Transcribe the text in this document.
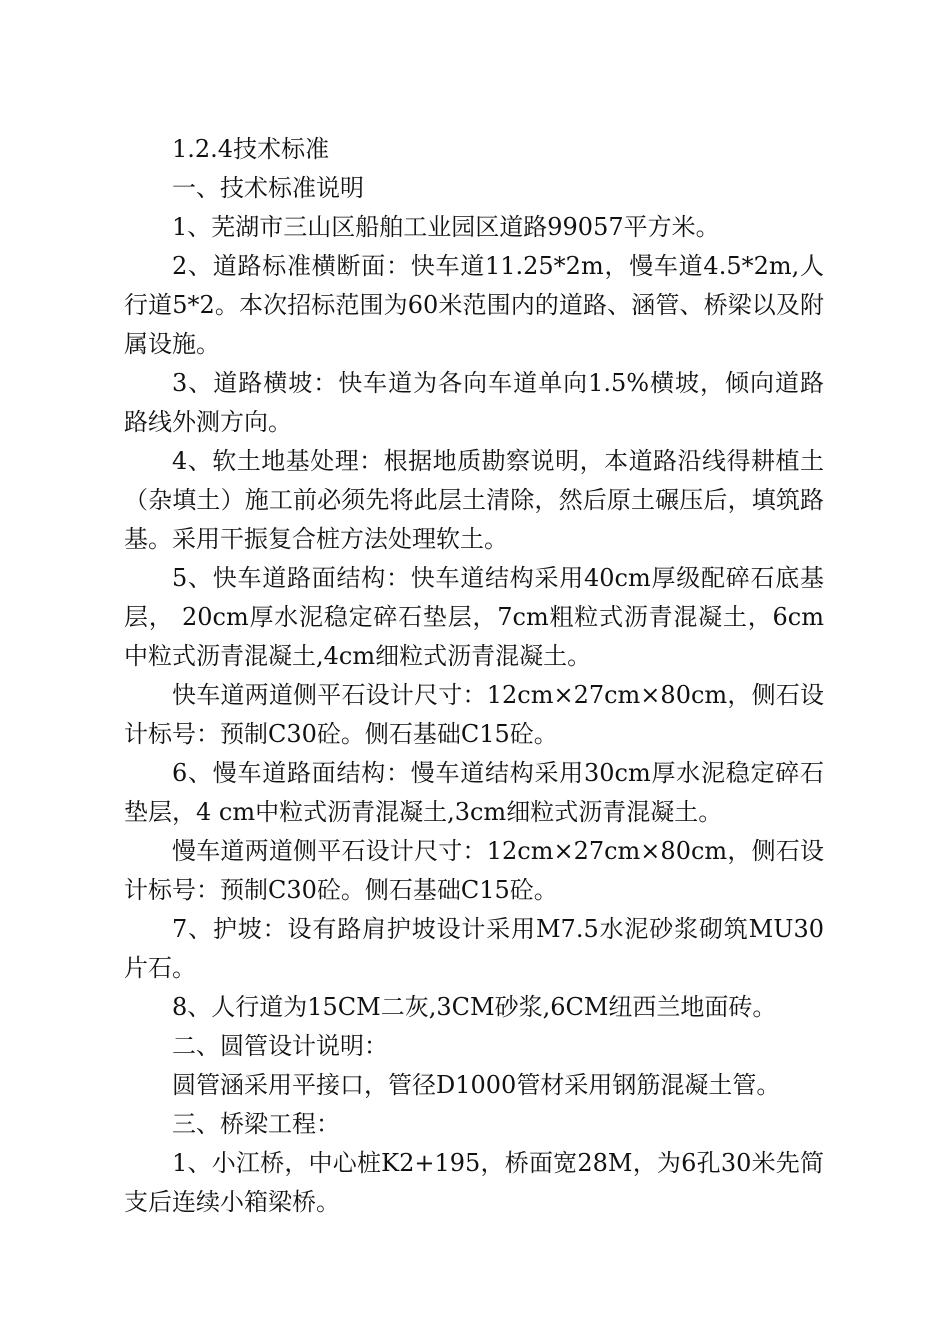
1.2.4技术标准

一、技术标准说明

1、芜湖市三山区船舶工业园区道路99057平方米。

2、道路标准横断面：快车道11.25*2m，慢车道4.5*2m,人行道5*2。本次招标范围为60米范围内的道路、涵管、桥梁以及附属设施。

3、道路横坡：快车道为各向车道单向1.5%横坡，倾向道路路线外测方向。

4、软土地基处理：根据地质勘察说明，本道路沿线得耕植土（杂填土）施工前必须先将此层土清除，然后原土碾压后，填筑路基。采用干振复合桩方法处理软土。

5、快车道路面结构：快车道结构采用40cm厚级配碎石底基层， 20cm厚水泥稳定碎石垫层，7cm粗粒式沥青混凝土，6cm中粒式沥青混凝土,4cm细粒式沥青混凝土。

快车道两道侧平石设计尺寸：12cm×27cm×80cm，侧石设计标号：预制C30砼。侧石基础C15砼。

6、慢车道路面结构：慢车道结构采用30cm厚水泥稳定碎石垫层，4 cm中粒式沥青混凝土,3cm细粒式沥青混凝土。

慢车道两道侧平石设计尺寸：12cm×27cm×80cm，侧石设计标号：预制C30砼。侧石基础C15砼。

7、护坡：设有路肩护坡设计采用M7.5水泥砂浆砌筑MU30片石。

8、人行道为15CM二灰,3CM砂浆,6CM纽西兰地面砖。

二、圆管设计说明：

圆管涵采用平接口，管径D1000管材采用钢筋混凝土管。

三、桥梁工程：

1、小江桥，中心桩K2+195，桥面宽28M，为6孔30米先简支后连续小箱梁桥。
